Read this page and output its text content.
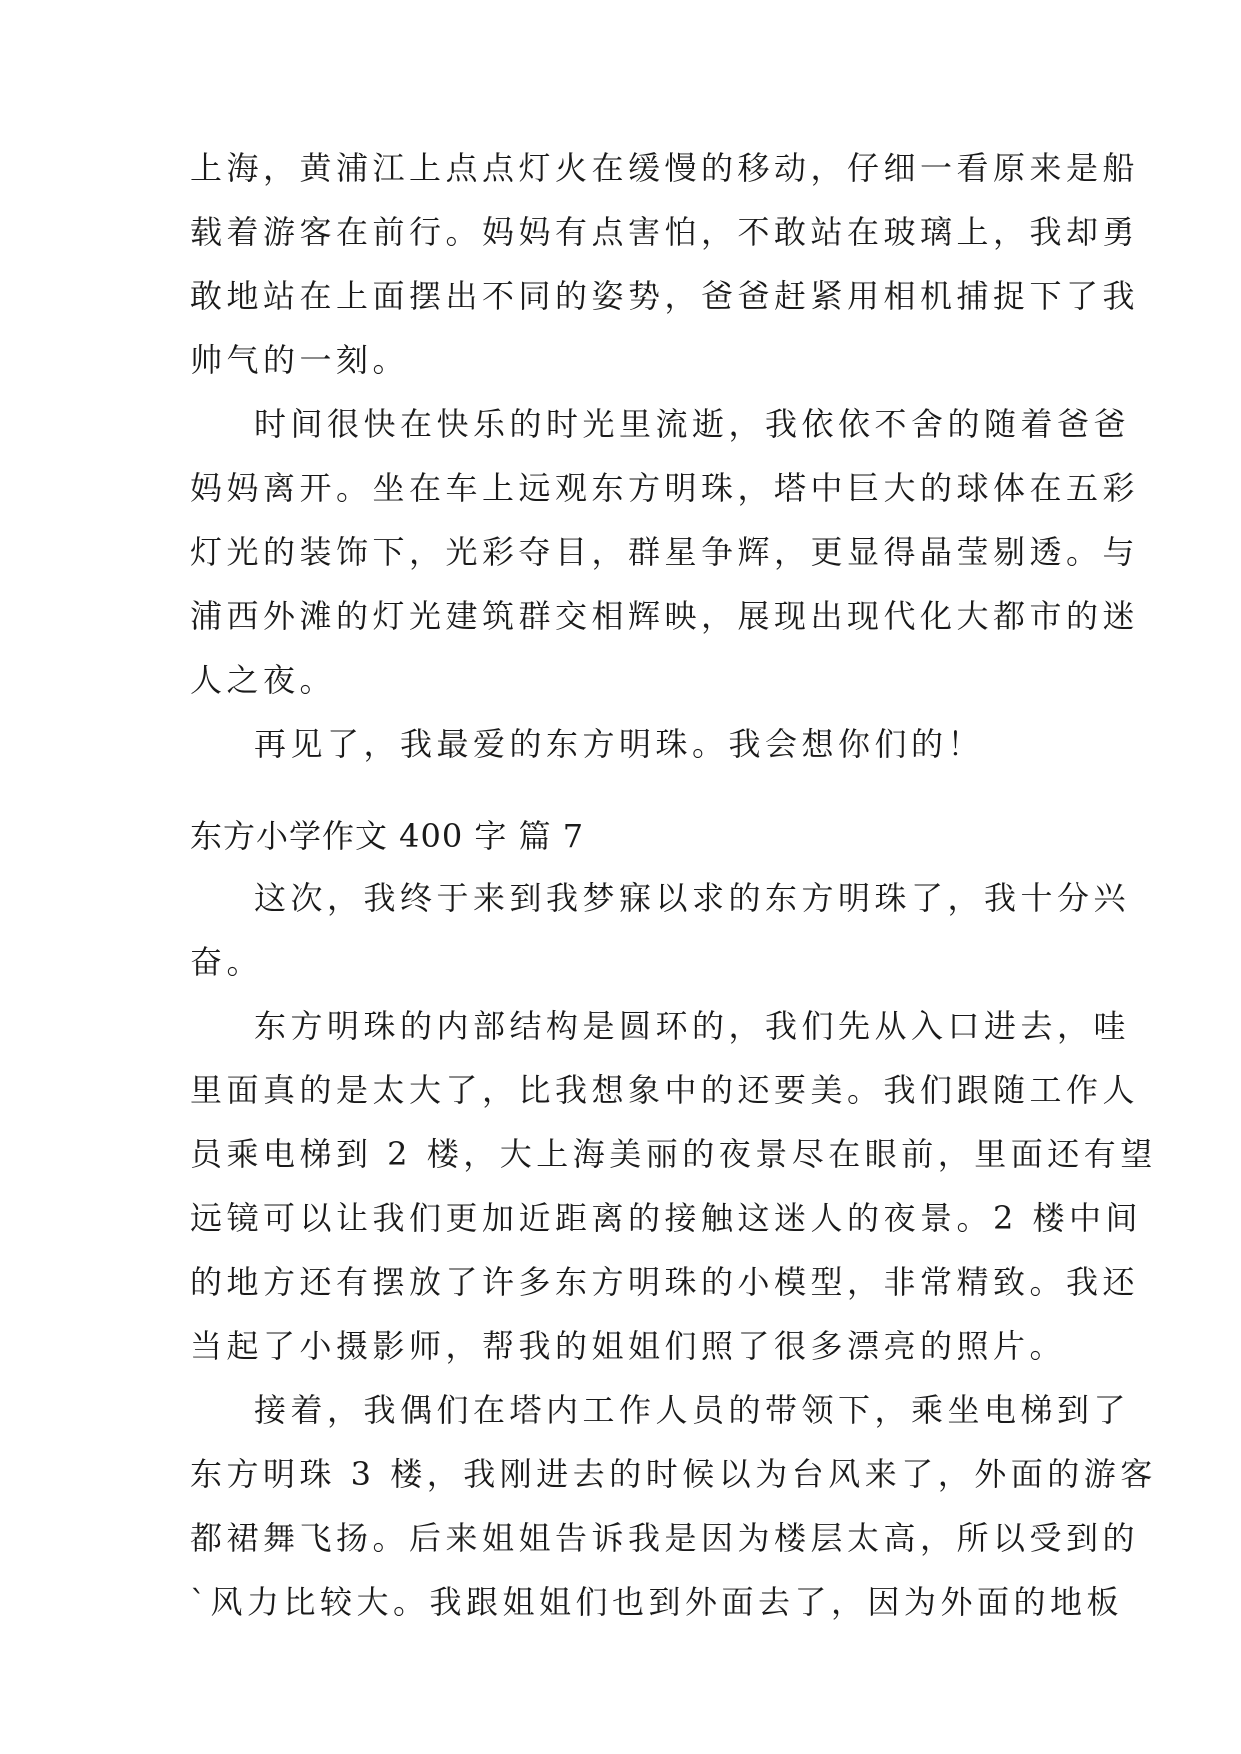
上海，黄浦江上点点灯火在缓慢的移动，仔细一看原来是船
载着游客在前行。妈妈有点害怕，不敢站在玻璃上，我却勇
敢地站在上面摆出不同的姿势，爸爸赶紧用相机捕捉下了我
帅气的一刻。
时间很快在快乐的时光里流逝，我依依不舍的随着爸爸
妈妈离开。坐在车上远观东方明珠，塔中巨大的球体在五彩
灯光的装饰下，光彩夺目，群星争辉，更显得晶莹剔透。与
浦西外滩的灯光建筑群交相辉映，展现出现代化大都市的迷
人之夜。
再见了，我最爱的东方明珠。我会想你们的！
东方小学作文 400 字 篇 7
这次，我终于来到我梦寐以求的东方明珠了，我十分兴
奋。
东方明珠的内部结构是圆环的，我们先从入口进去，哇
里面真的是太大了，比我想象中的还要美。我们跟随工作人
员乘电梯到 2 楼，大上海美丽的夜景尽在眼前，里面还有望
远镜可以让我们更加近距离的接触这迷人的夜景。2 楼中间
的地方还有摆放了许多东方明珠的小模型，非常精致。我还
当起了小摄影师，帮我的姐姐们照了很多漂亮的照片。
接着，我偶们在塔内工作人员的带领下，乘坐电梯到了
东方明珠 3 楼，我刚进去的时候以为台风来了，外面的游客
都裙舞飞扬。后来姐姐告诉我是因为楼层太高，所以受到的
`风力比较大。我跟姐姐们也到外面去了，因为外面的地板
